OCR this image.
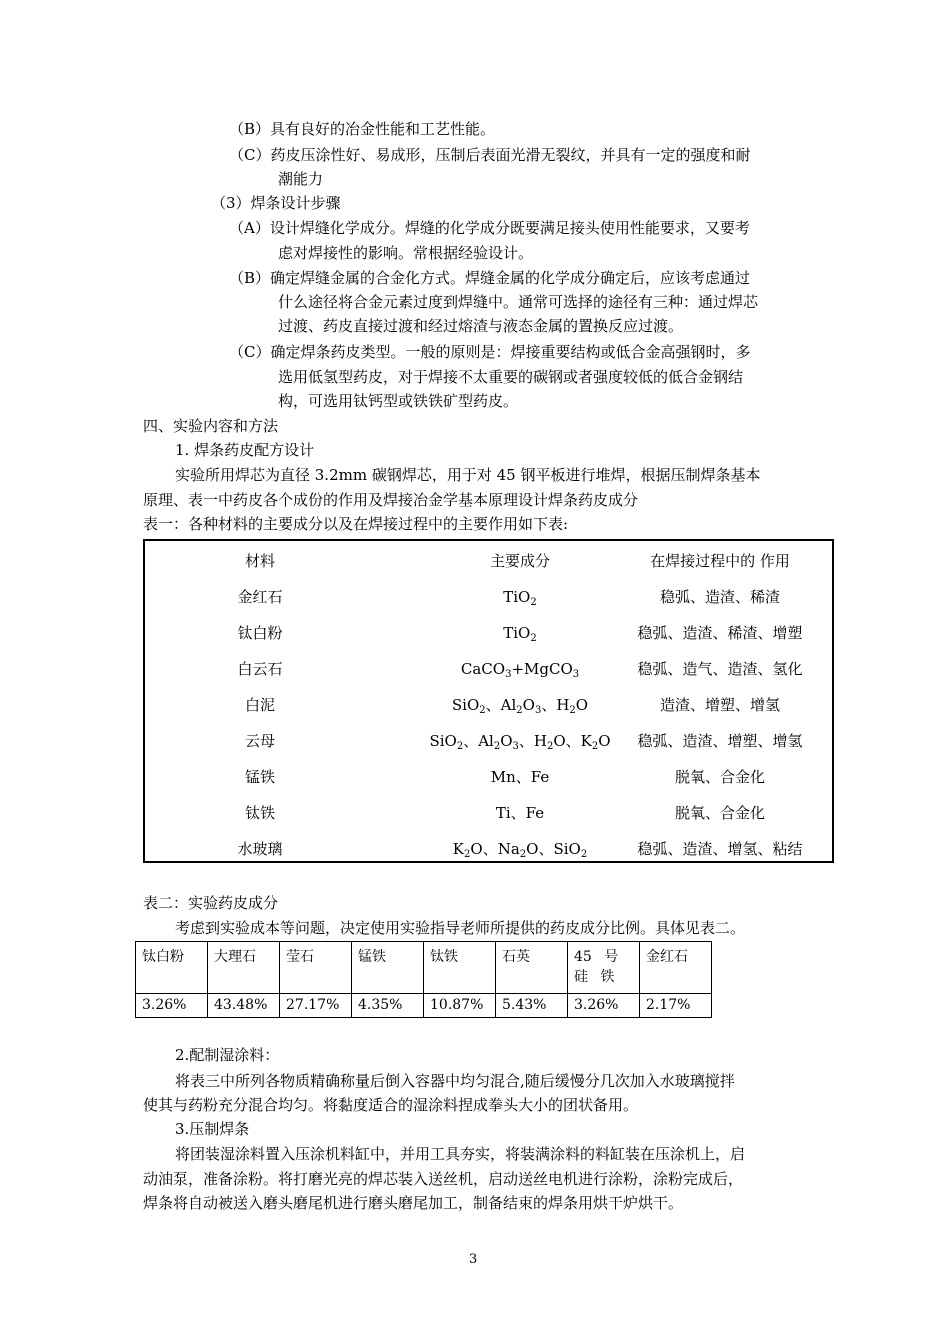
（B）具有良好的冶金性能和工艺性能。
（C）药皮压涂性好、易成形，压制后表面光滑无裂纹，并具有一定的强度和耐
潮能力
（3）焊条设计步骤
（A）设计焊缝化学成分。焊缝的化学成分既要满足接头使用性能要求，又要考
虑对焊接性的影响。常根据经验设计。
（B）确定焊缝金属的合金化方式。焊缝金属的化学成分确定后，应该考虑通过
什么途径将合金元素过度到焊缝中。通常可选择的途径有三种：通过焊芯
过渡、药皮直接过渡和经过熔渣与液态金属的置换反应过渡。
（C）确定焊条药皮类型。一般的原则是：焊接重要结构或低合金高强钢时，多
选用低氢型药皮，对于焊接不太重要的碳钢或者强度较低的低合金钢结
构，可选用钛钙型或铁铁矿型药皮。
四、实验内容和方法
1. 焊条药皮配方设计
实验所用焊芯为直径 3.2mm 碳钢焊芯，用于对 45 钢平板进行堆焊，根据压制焊条基本
原理、表一中药皮各个成份的作用及焊接冶金学基本原理设计焊条药皮成分
表一：各种材料的主要成分以及在焊接过程中的主要作用如下表:
材料	主要成分	在焊接过程中的 作用
金红石	TiO$_2$	稳弧、造渣、稀渣
钛白粉	TiO$_2$	稳弧、造渣、稀渣、增塑
白云石	CaCO$_3$+MgCO$_3$	稳弧、造气、造渣、氢化
白泥	SiO$_2$、$Al_2O_3$、$H_2O$	造渣、增塑、增氢
云母	SiO$_2$、$Al_2O_3$、$H_2O$、$K_2O$	稳弧、造渣、增塑、增氢
锰铁	Mn、Fe	脱氧、合金化
钛铁	Ti、Fe	脱氧、合金化
水玻璃	$K_2O$、$Na_2O$、SiO$_2$	稳弧、造渣、增氢、粘结
表二：实验药皮成分
考虑到实验成本等问题，决定使用实验指导老师所提供的药皮成分比例。具体见表二。
钛白粉	大理石	莹石	锰铁	钛铁	石英	45 号 硅 铁	金红石
3.26%	43.48%	27.17%	4.35%	10.87%	5.43%	3.26%	2.17%
2.配制湿涂料：
将表三中所列各物质精确称量后倒入容器中均匀混合,随后缓慢分几次加入水玻璃搅拌
使其与药粉充分混合均匀。将黏度适合的湿涂料捏成拳头大小的团状备用。
3.压制焊条
将团装湿涂料置入压涂机料缸中，并用工具夯实，将装满涂料的料缸装在压涂机上，启
动油泵，准备涂粉。将打磨光亮的焊芯装入送丝机，启动送丝电机进行涂粉，涂粉完成后，
焊条将自动被送入磨头磨尾机进行磨头磨尾加工，制备结束的焊条用烘干炉烘干。
3
